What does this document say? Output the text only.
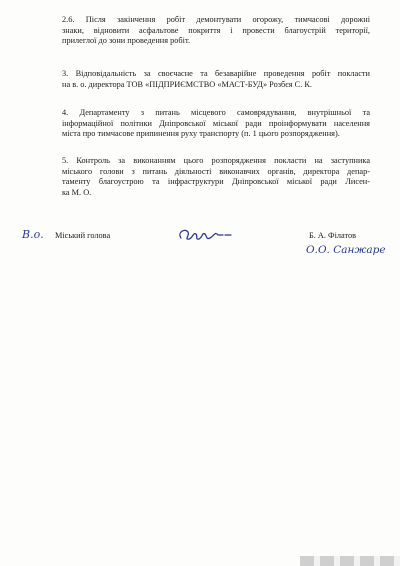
2.6. Після закінчення робіт демонтувати огорожу, тимчасові дорожні
знаки, відновити асфальтове покриття і провести благоустрій території,
прилеглої до зони проведення робіт.
3. Відповідальність за своєчасне та безаварійне проведення робіт покласти
на в. о. директора ТОВ «ПІДПРИЄМСТВО «МАСТ-БУД» Розбєя С. К.
4. Департаменту з питань місцевого самоврядування, внутрішньої та
інформаційної політики Дніпровської міської ради проінформувати населення
міста про тимчасове припинення руху транспорту (п. 1 цього розпорядження).
5. Контроль за виконанням цього розпорядження покласти на заступника
міського голови з питань діяльності виконавчих органів, директора депар-
таменту благоустрою та інфраструктури Дніпровської міської ради Лисен-
ка М. О.
В.о. Міський голова	Б. А. Філатов
О.О. Санжаре
